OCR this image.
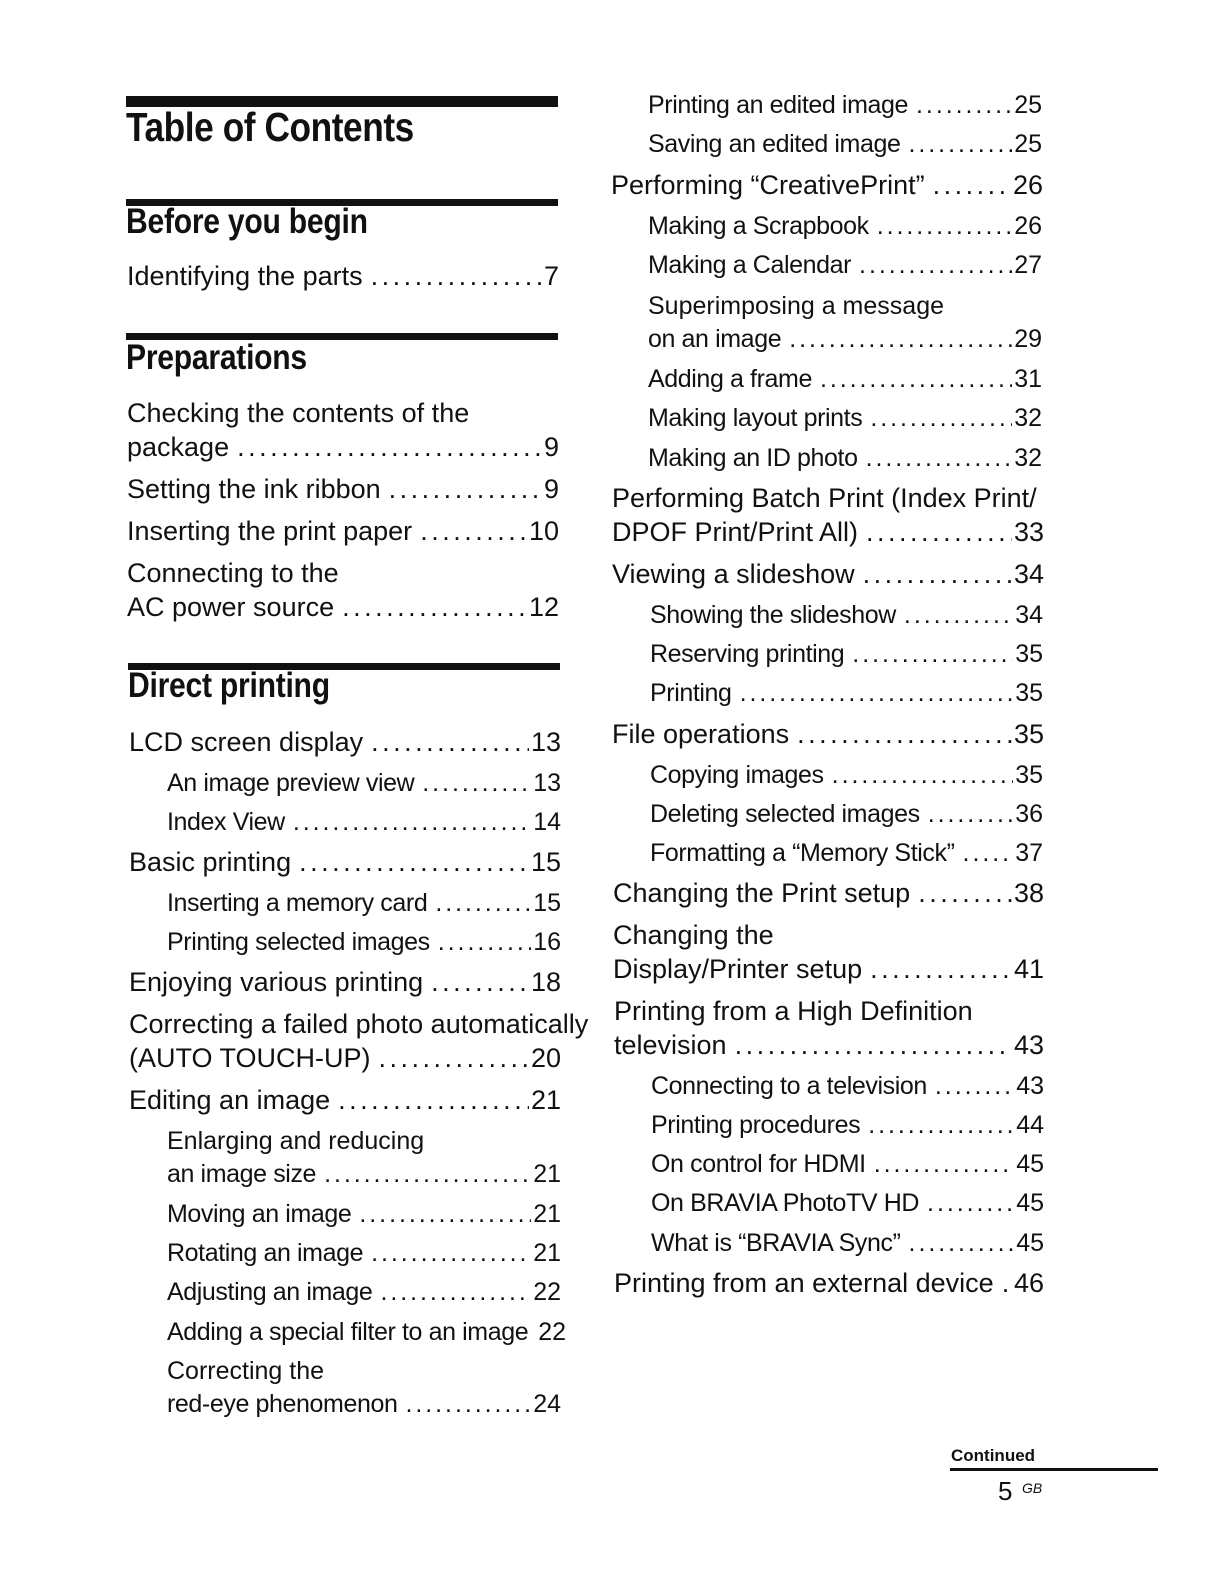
Table of Contents
Before you begin
Identifying the parts . . .	7
Preparations
Checking the contents of the
package . . .	9
Setting the ink ribbon . . .	9
Inserting the print paper . . .	10
Connecting to the
AC power source . . .	12
Direct printing
LCD screen display . . .	13
An image preview view . . .	13
Index View . . .	14
Basic printing . . .	15
Inserting a memory card . . .	15
Printing selected images . . .	16
Enjoying various printing . . .	18
Correcting a failed photo automatically
(AUTO TOUCH-UP) . . .	20
Editing an image . . .	21
Enlarging and reducing
an image size . . .	21
Moving an image . . .	21
Rotating an image . . .	21
Adjusting an image . . .	22
Adding a special filter to an image 22
Correcting the
red-eye phenomenon . . .	24
Printing an edited image . . .	25
Saving an edited image . . .	25
Performing “CreativePrint” . . .	26
Making a Scrapbook . . .	26
Making a Calendar . . .	27
Superimposing a message
on an image . . .	29
Adding a frame . . .	31
Making layout prints . . .	32
Making an ID photo . . .	32
Performing Batch Print (Index Print/
DPOF Print/Print All) . . .	33
Viewing a slideshow . . .	34
Showing the slideshow . . .	34
Reserving printing . . .	35
Printing . . .	35
File operations . . .	35
Copying images . . .	35
Deleting selected images . . .	36
Formatting a “Memory Stick” . . . 37
Changing the Print setup . . .	38
Changing the
Display/Printer setup . . .	41
Printing from a High Definition
television . . .	43
Connecting to a television . . .	43
Printing procedures . . .	44
On control for HDMI . . .	45
On BRAVIA PhotoTV HD . . .	45
What is “BRAVIA Sync” . . .	45
Printing from an external device . . . 46
Continued
5 GB
